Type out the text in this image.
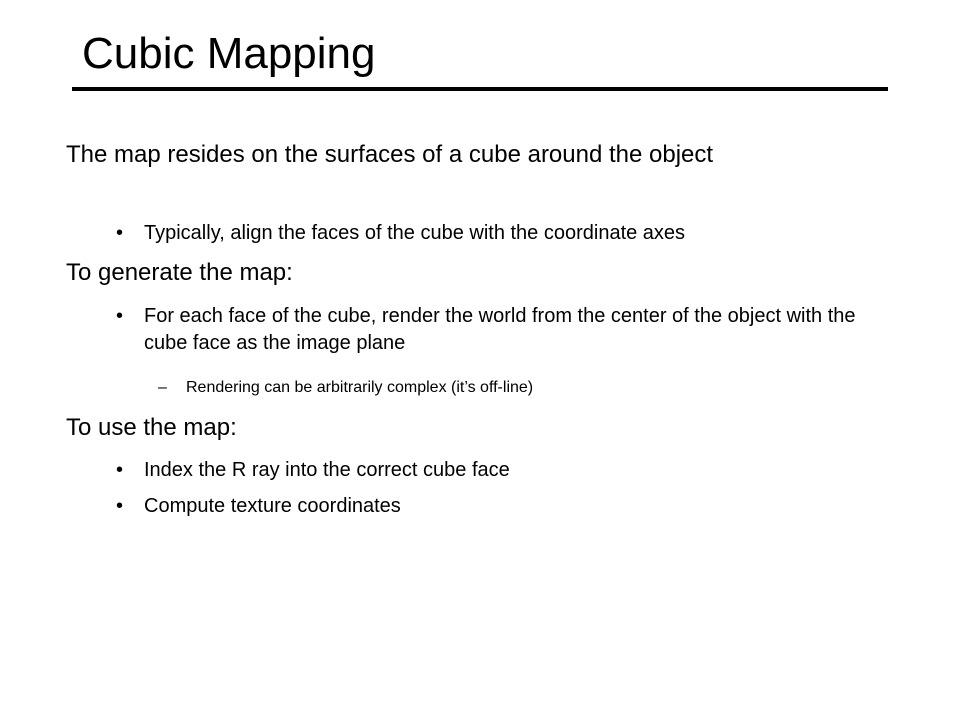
Cubic Mapping
The map resides on the surfaces of a cube around the object
•	Typically, align the faces of the cube with the coordinate axes
To generate the map:
•	For each face of the cube, render the world from the center of the object with the cube face as the image plane
–	Rendering can be arbitrarily complex (it’s off-line)
To use the map:
•	Index the R ray into the correct cube face
•	Compute texture coordinates
